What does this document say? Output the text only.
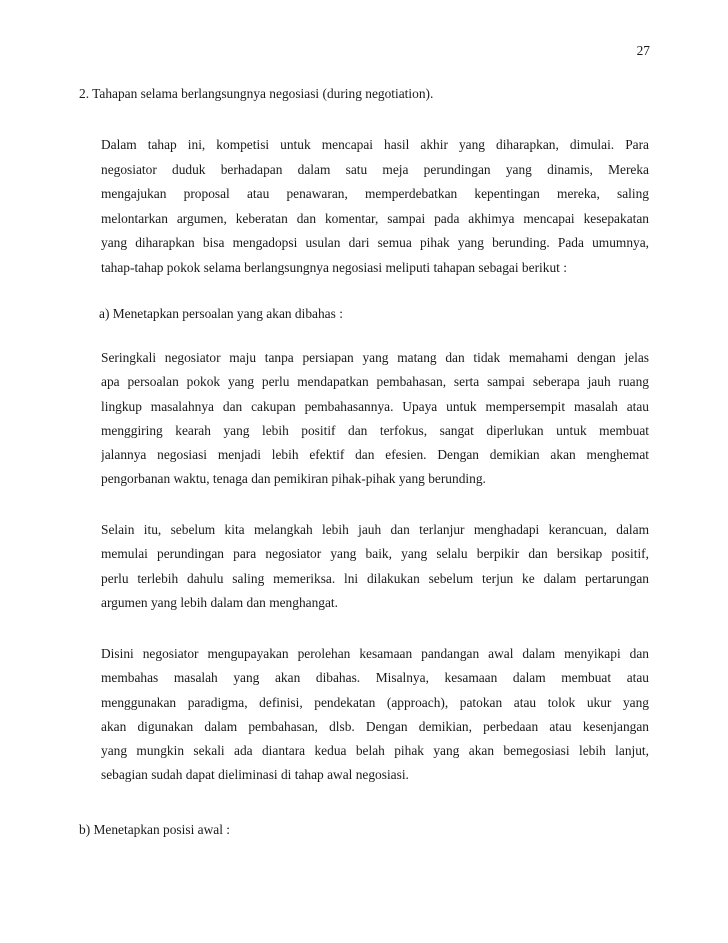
27
2. Tahapan selama berlangsungnya negosiasi (during negotiation).
Dalam tahap ini, kompetisi untuk mencapai hasil akhir yang diharapkan, dimulai. Para
negosiator duduk berhadapan dalam satu meja perundingan yang dinamis, Mereka
mengajukan proposal atau penawaran, memperdebatkan kepentingan mereka, saling
melontarkan argumen, keberatan dan komentar, sampai pada akhimya mencapai kesepakatan
yang diharapkan bisa mengadopsi usulan dari semua pihak yang berunding. Pada umumnya,
tahap-tahap pokok selama berlangsungnya negosiasi meliputi tahapan sebagai berikut :
a) Menetapkan persoalan yang akan dibahas :
Seringkali negosiator maju tanpa persiapan yang matang dan tidak memahami dengan jelas
apa persoalan pokok yang perlu mendapatkan pembahasan, serta sampai seberapa jauh ruang
lingkup masalahnya dan cakupan pembahasannya. Upaya untuk mempersempit masalah atau
menggiring kearah yang lebih positif dan terfokus, sangat diperlukan untuk membuat
jalannya negosiasi menjadi lebih efektif dan efesien. Dengan demikian akan menghemat
pengorbanan waktu, tenaga dan pemikiran pihak-pihak yang berunding.
Selain itu, sebelum kita melangkah lebih jauh dan terlanjur menghadapi kerancuan, dalam
memulai perundingan para negosiator yang baik, yang selalu berpikir dan bersikap positif,
perlu terlebih dahulu saling memeriksa. lni dilakukan sebelum terjun ke dalam pertarungan
argumen yang lebih dalam dan menghangat.
Disini negosiator mengupayakan perolehan kesamaan pandangan awal dalam menyikapi dan
membahas masalah yang akan dibahas. Misalnya, kesamaan dalam membuat atau
menggunakan paradigma, definisi, pendekatan (approach), patokan atau tolok ukur yang
akan digunakan dalam pembahasan, dlsb. Dengan demikian, perbedaan atau kesenjangan
yang mungkin sekali ada diantara kedua belah pihak yang akan bemegosiasi lebih lanjut,
sebagian sudah dapat dieliminasi di tahap awal negosiasi.
b) Menetapkan posisi awal :
